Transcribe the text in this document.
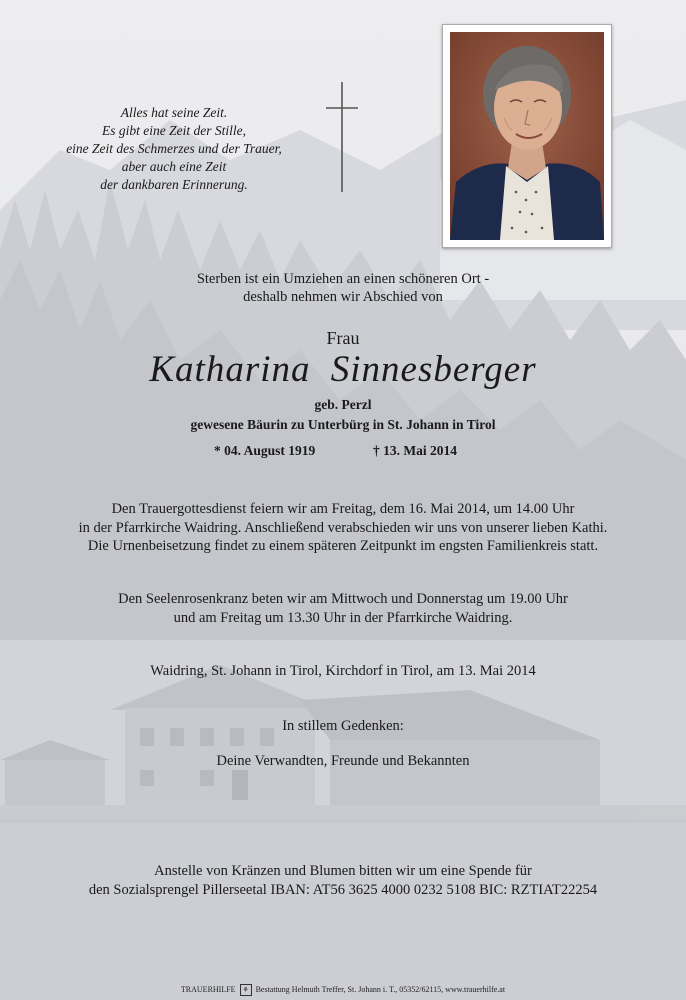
Alles hat seine Zeit.
Es gibt eine Zeit der Stille,
eine Zeit des Schmerzes und der Trauer,
aber auch eine Zeit
der dankbaren Erinnerung.
Sterben ist ein Umziehen an einen schöneren Ort -
deshalb nehmen wir Abschied von
Frau
Katharina Sinnesberger
geb. Perzl
gewesene Bäurin zu Unterbürg in St. Johann in Tirol
* 04. August 1919	† 13. Mai 2014
Den Trauergottesdienst feiern wir am Freitag, dem 16. Mai 2014, um 14.00 Uhr
in der Pfarrkirche Waidring. Anschließend verabschieden wir uns von unserer lieben Kathi.
Die Urnenbeisetzung findet zu einem späteren Zeitpunkt im engsten Familienkreis statt.
Den Seelenrosenkranz beten wir am Mittwoch und Donnerstag um 19.00 Uhr
und am Freitag um 13.30 Uhr in der Pfarrkirche Waidring.
Waidring, St. Johann in Tirol, Kirchdorf in Tirol, am 13. Mai 2014
In stillem Gedenken:
Deine Verwandten, Freunde und Bekannten
Anstelle von Kränzen und Blumen bitten wir um eine Spende für
den Sozialsprengel Pillerseetal IBAN: AT56 3625 4000 0232 5108 BIC: RZTIAT22254
TRAUERHILFE ⚘ Bestattung Helmuth Treffer, St. Johann i. T., 05352/62115, www.trauerhilfe.at
